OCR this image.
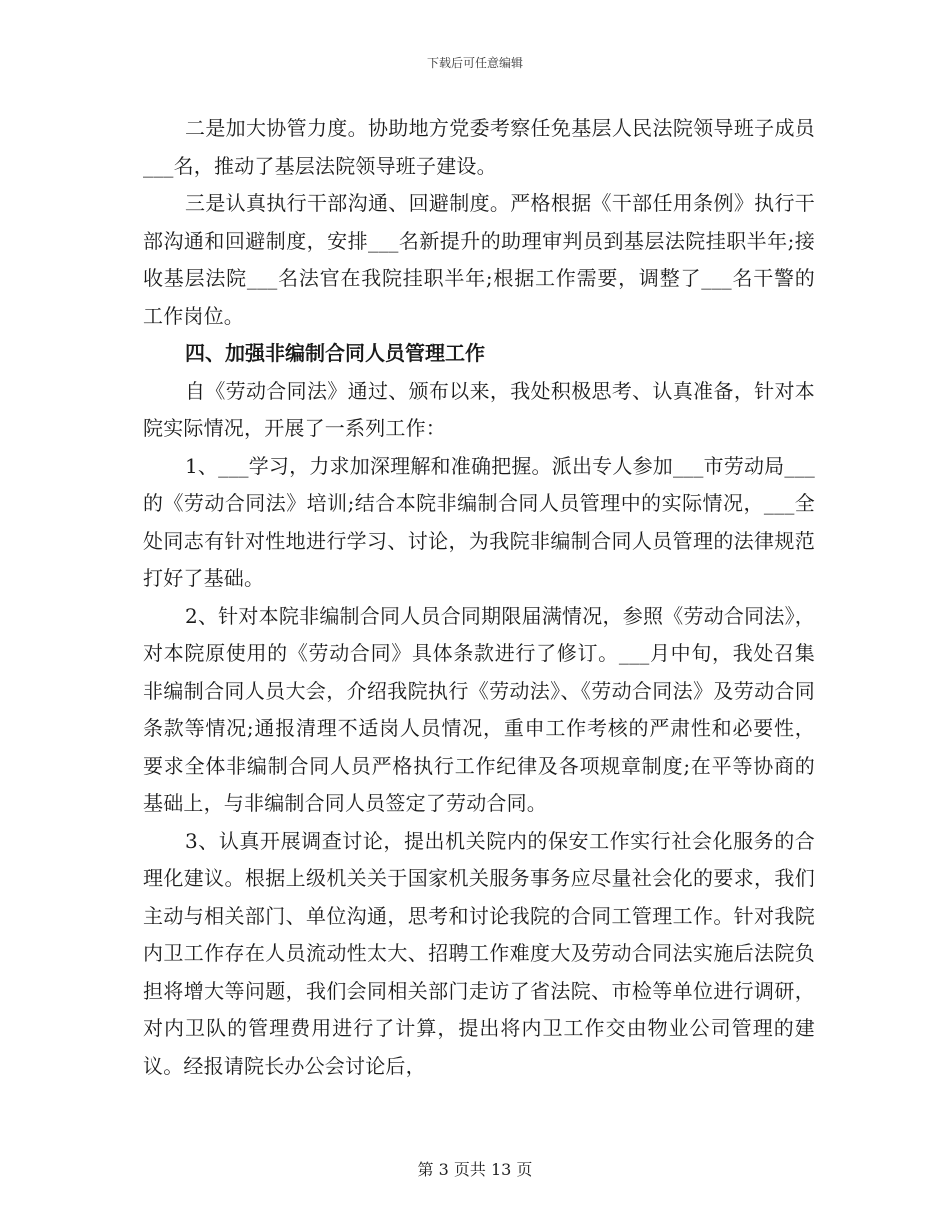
下载后可任意编辑

二是加大协管力度。协助地方党委考察任免基层人民法院领导班子成员___名，推动了基层法院领导班子建设。

三是认真执行干部沟通、回避制度。严格根据《干部任用条例》执行干部沟通和回避制度，安排___名新提升的助理审判员到基层法院挂职半年;接收基层法院___名法官在我院挂职半年;根据工作需要，调整了___名干警的工作岗位。

四、加强非编制合同人员管理工作

自《劳动合同法》通过、颁布以来，我处积极思考、认真准备，针对本院实际情况，开展了一系列工作：

1、___学习，力求加深理解和准确把握。派出专人参加___市劳动局___的《劳动合同法》培训;结合本院非编制合同人员管理中的实际情况，___全处同志有针对性地进行学习、讨论，为我院非编制合同人员管理的法律规范打好了基础。

2、针对本院非编制合同人员合同期限届满情况，参照《劳动合同法》，对本院原使用的《劳动合同》具体条款进行了修订。___月中旬，我处召集非编制合同人员大会，介绍我院执行《劳动法》、《劳动合同法》及劳动合同条款等情况;通报清理不适岗人员情况，重申工作考核的严肃性和必要性，要求全体非编制合同人员严格执行工作纪律及各项规章制度;在平等协商的基础上，与非编制合同人员签定了劳动合同。

3、认真开展调查讨论，提出机关院内的保安工作实行社会化服务的合理化建议。根据上级机关关于国家机关服务事务应尽量社会化的要求，我们主动与相关部门、单位沟通，思考和讨论我院的合同工管理工作。针对我院内卫工作存在人员流动性太大、招聘工作难度大及劳动合同法实施后法院负担将增大等问题，我们会同相关部门走访了省法院、市检等单位进行调研，对内卫队的管理费用进行了计算，提出将内卫工作交由物业公司管理的建议。经报请院长办公会讨论后，

第 3 页共 13 页
